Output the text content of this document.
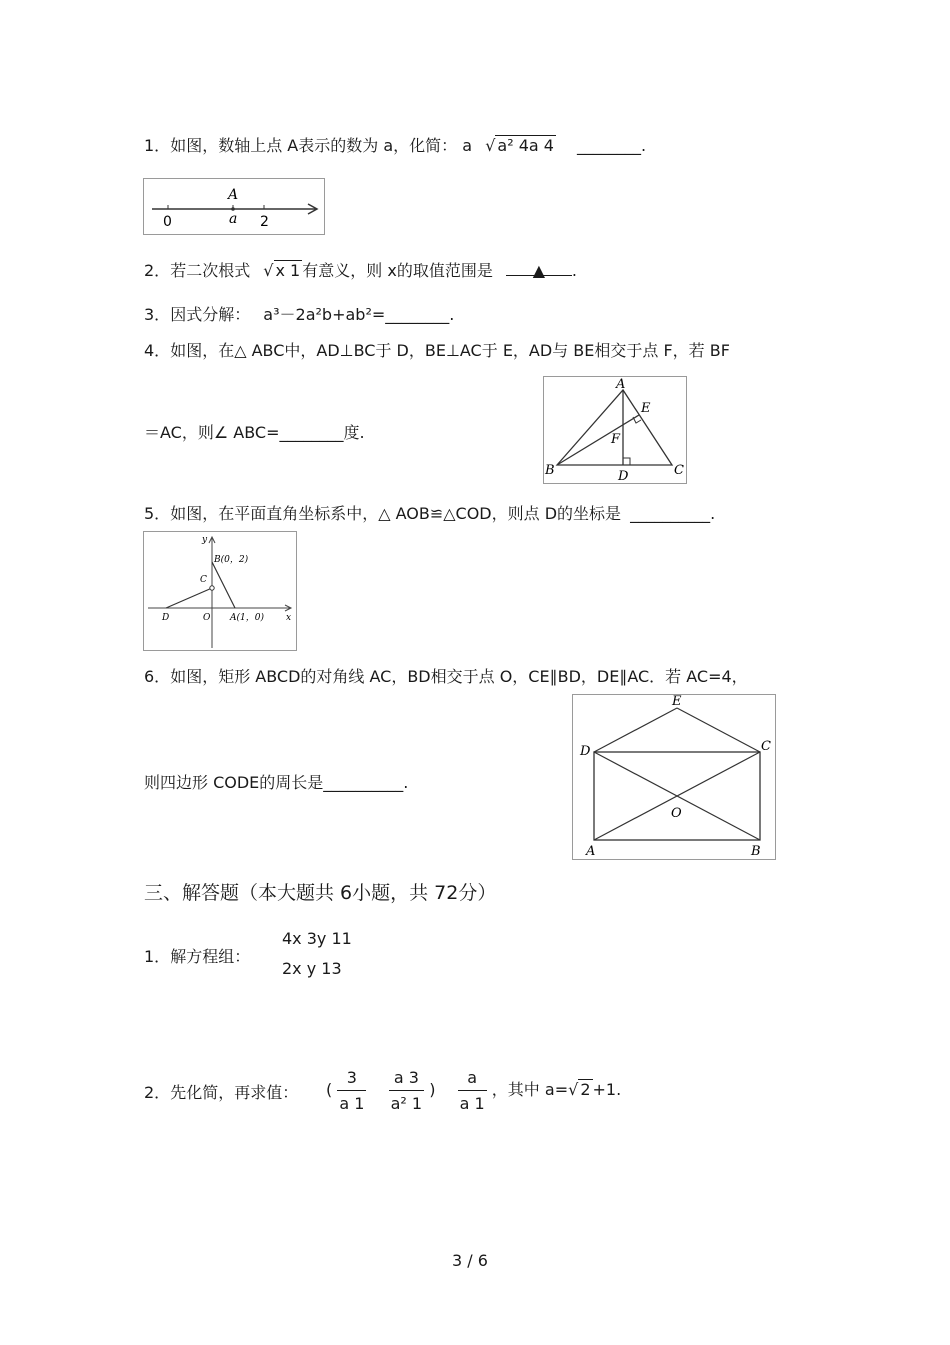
1．如图，数轴上点 A表示的数为 a，化简： a √ a² 4a 4 ________.
A
a
0	2
2．若二次根式 √ x 1 有意义，则 x的取值范围是 ▲ .
3．因式分解： a³－2a²b+ab²=________.
4．如图，在△ ABC中，AD⊥BC于 D，BE⊥AC于 E，AD与 BE相交于点 F，若 BF
＝AC，则∠ ABC=________度.
A
B	C
D
E
F
5．如图，在平面直角坐标系中，△ AOB≌△COD，则点 D的坐标是 __________.
y
x
B(0，2)
C
O A(1，0)
D
6．如图，矩形 ABCD的对角线 AC，BD相交于点 O，CE∥BD，DE∥AC．若 AC=4，
则四边形 CODE的周长是__________.
E
D	C
O
A	B
三、解答题（本大题共 6小题，共 72分）
1．解方程组：
4x 3y 11
2x y 13
2．先化简，再求值： ( $\frac{3}{a 1}$
$\frac{a 3}{\text{a² 1}}$ ) $\frac{a}{a 1}$ ，其中 a=√ 2 +1.
3 / 6
